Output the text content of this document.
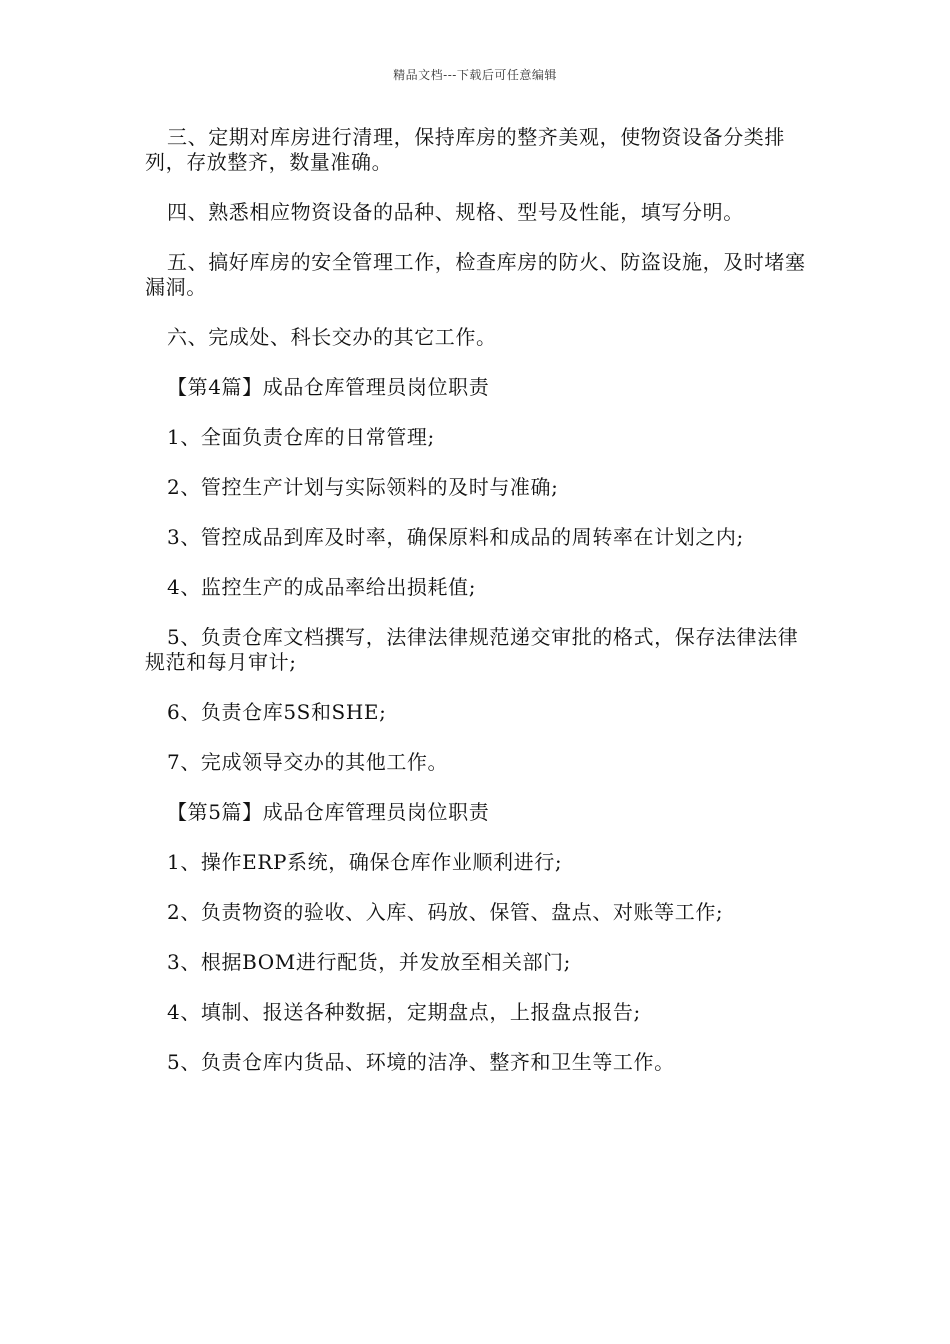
精品文档---下载后可任意编辑

三、定期对库房进行清理，保持库房的整齐美观，使物资设备分类排列，存放整齐，数量准确。

四、熟悉相应物资设备的品种、规格、型号及性能，填写分明。

五、搞好库房的安全管理工作，检查库房的防火、防盗设施，及时堵塞漏洞。

六、完成处、科长交办的其它工作。

【第4篇】成品仓库管理员岗位职责

1、全面负责仓库的日常管理;

2、管控生产计划与实际领料的及时与准确;

3、管控成品到库及时率，确保原料和成品的周转率在计划之内;

4、监控生产的成品率给出损耗值;

5、负责仓库文档撰写，法律法律规范递交审批的格式，保存法律法律规范和每月审计;

6、负责仓库5S和SHE;

7、完成领导交办的其他工作。

【第5篇】成品仓库管理员岗位职责

1、操作ERP系统，确保仓库作业顺利进行;

2、负责物资的验收、入库、码放、保管、盘点、对账等工作;

3、根据BOM进行配货，并发放至相关部门;

4、填制、报送各种数据，定期盘点，上报盘点报告;

5、负责仓库内货品、环境的洁净、整齐和卫生等工作。
